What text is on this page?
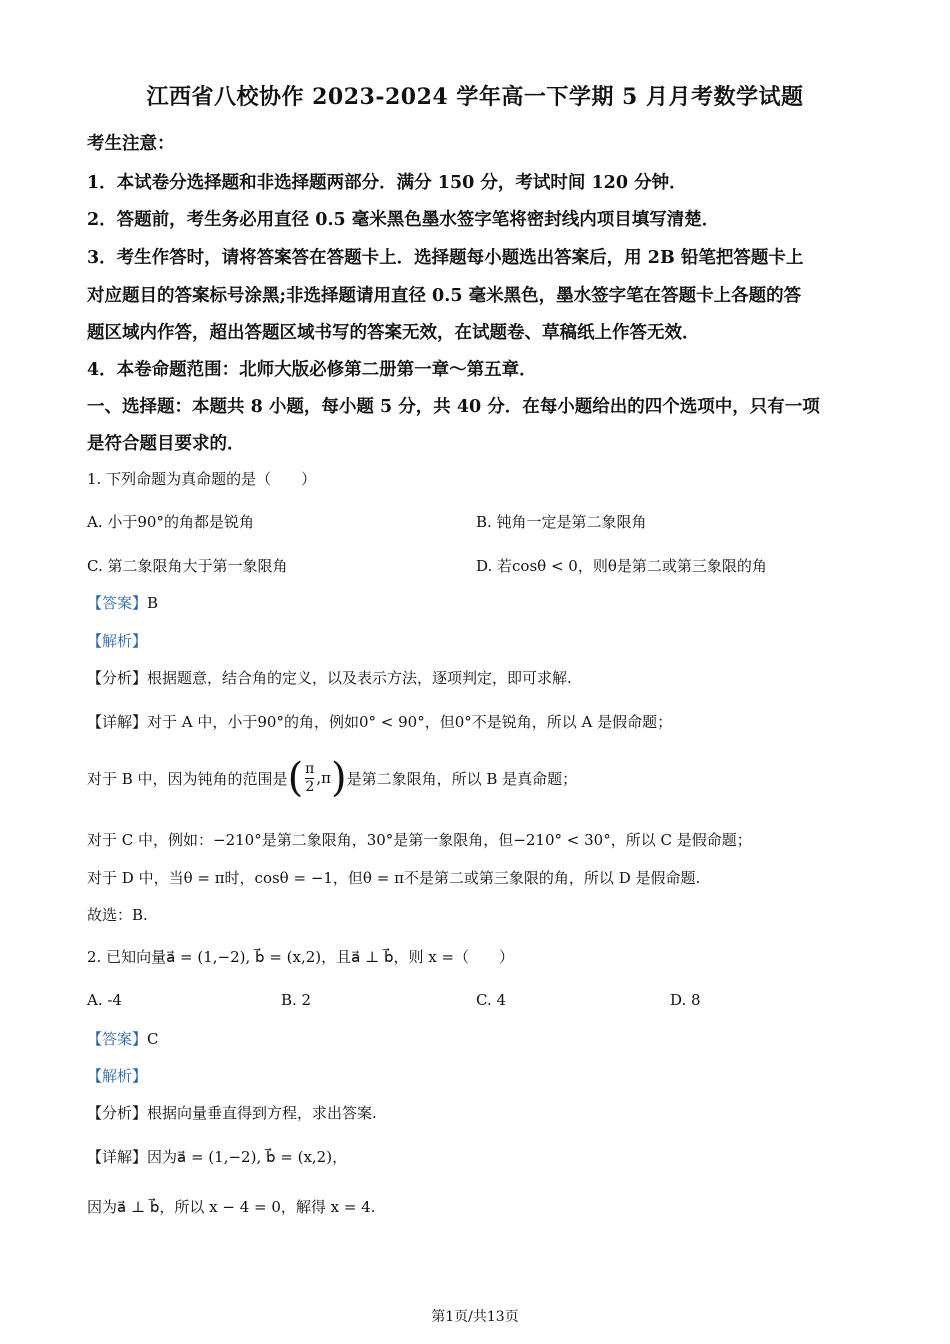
江西省八校协作 2023-2024 学年高一下学期 5 月月考数学试题
考生注意：
1．本试卷分选择题和非选择题两部分．满分 150 分，考试时间 120 分钟．
2．答题前，考生务必用直径 0.5 毫米黑色墨水签字笔将密封线内项目填写清楚．
3．考生作答时，请将答案答在答题卡上．选择题每小题选出答案后，用 2B 铅笔把答题卡上
对应题目的答案标号涂黑;非选择题请用直径 0.5 毫米黑色，墨水签字笔在答题卡上各题的答
题区域内作答，超出答题区域书写的答案无效，在试题卷、草稿纸上作答无效．
4．本卷命题范围：北师大版必修第二册第一章～第五章．
一、选择题：本题共 8 小题，每小题 5 分，共 40 分．在每小题给出的四个选项中，只有一项
是符合题目要求的．
1. 下列命题为真命题的是（　　）
A. 小于90°的角都是锐角	B. 钝角一定是第二象限角
C. 第二象限角大于第一象限角	D. 若cosθ < 0，则θ是第二或第三象限的角
【答案】B
【解析】
【分析】根据题意，结合角的定义，以及表示方法，逐项判定，即可求解.
【详解】对于 A 中，小于90°的角，例如0° < 90°，但0°不是锐角，所以 A 是假命题；
对于 B 中，因为钝角的范围是 ( $\frac{\pi}{2} ,\pi$ ) 是第二象限角，所以 B 是真命题；
对于 C 中，例如：−210°是第二象限角，30°是第一象限角，但−210° < 30°，所以 C 是假命题；
对于 D 中，当θ = π时，cosθ = −1，但θ = π不是第二或第三象限的角，所以 D 是假命题.
故选：B.
2. 已知向量a⃗ = (1,−2), b⃗ = (x,2)，且a⃗ ⊥ b⃗，则 x =（　　）
A. -4	B. 2	C. 4	D. 8
【答案】C
【解析】
【分析】根据向量垂直得到方程，求出答案.
【详解】因为a⃗ = (1,−2), b⃗ = (x,2)，
因为a⃗ ⊥ b⃗，所以 x − 4 = 0，解得 x = 4.
第1页/共13页
